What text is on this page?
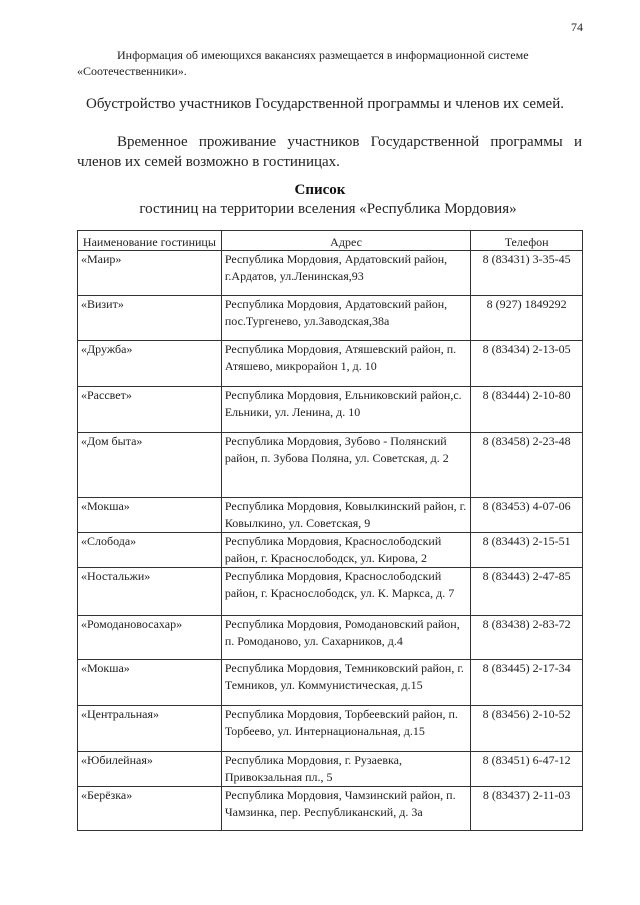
74
Информация об имеющихся вакансиях размещается в информационной системе
«Соотечественники».
Обустройство участников Государственной программы и членов их семей.
Временное проживание участников Государственной программы и членов их семей возможно в гостиницах.
Список
гостиниц на территории вселения «Республика Мордовия»
Наименование гостиницы	Адрес	Телефон
«Маир»	Республика Мордовия, Ардатовский район, г.Ардатов, ул.Ленинская,93	8 (83431) 3-35-45
«Визит»	Республика Мордовия, Ардатовский район, пос.Тургенево, ул.Заводская,38а	8 (927) 1849292
«Дружба»	Республика Мордовия, Атяшевский район, п. Атяшево, микрорайон 1, д. 10	8 (83434) 2-13-05
«Рассвет»	Республика Мордовия, Ельниковский район,с. Ельники, ул. Ленина, д. 10	8 (83444) 2-10-80
«Дом быта»	Республика Мордовия, Зубово - Полянский район, п. Зубова Поляна, ул. Советская, д. 2	8 (83458) 2-23-48
«Мокша»	Республика Мордовия, Ковылкинский район, г. Ковылкино, ул. Советская, 9	8 (83453) 4-07-06
«Слобода»	Республика Мордовия, Краснослободский район, г. Краснослободск, ул. Кирова, 2	8 (83443) 2-15-51
«Ностальжи»	Республика Мордовия, Краснослободский район, г. Краснослободск, ул. К. Маркса, д. 7	8 (83443) 2-47-85
«Ромодановосахар»	Республика Мордовия, Ромодановский район, п. Ромоданово, ул. Сахарников, д.4	8 (83438) 2-83-72
«Мокша»	Республика Мордовия, Темниковский район, г. Темников, ул. Коммунистическая, д.15	8 (83445) 2-17-34
«Центральная»	Республика Мордовия, Торбеевский район, п. Торбеево, ул. Интернациональная, д.15	8 (83456) 2-10-52
«Юбилейная»	Республика Мордовия, г. Рузаевка, Привокзальная пл., 5	8 (83451) 6-47-12
«Берёзка»	Республика Мордовия, Чамзинский район, п. Чамзинка, пер. Республиканский, д. 3а	8 (83437) 2-11-03
